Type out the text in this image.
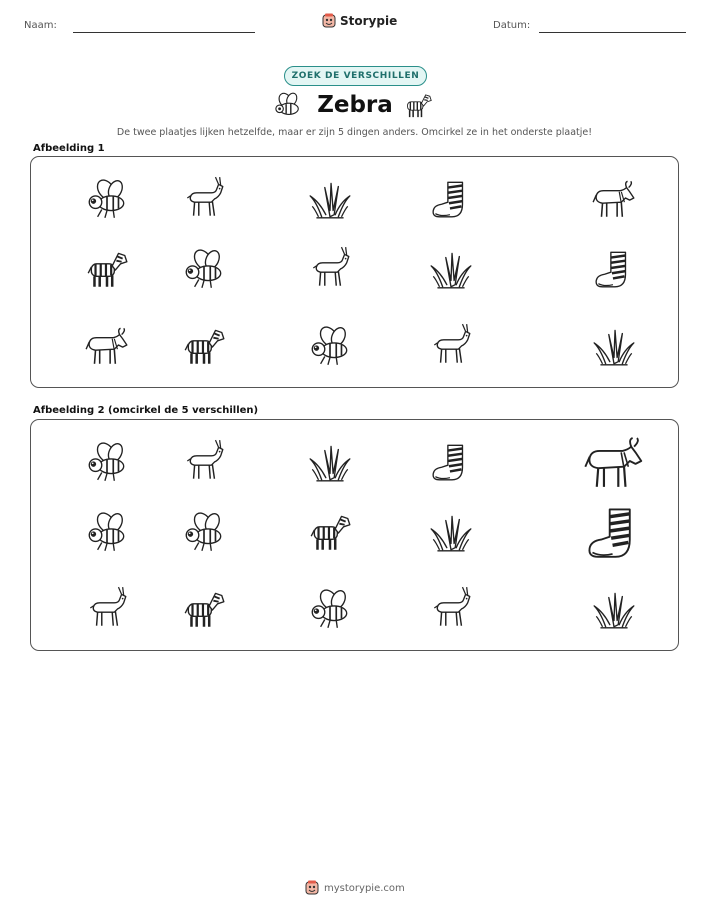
Naam:	Storypie	Datum:
ZOEK DE VERSCHILLEN
Zebra
De twee plaatjes lijken hetzelfde, maar er zijn 5 dingen anders. Omcirkel ze in het onderste plaatje!
Afbeelding 1
Afbeelding 2 (omcirkel de 5 verschillen)
mystorypie.com
